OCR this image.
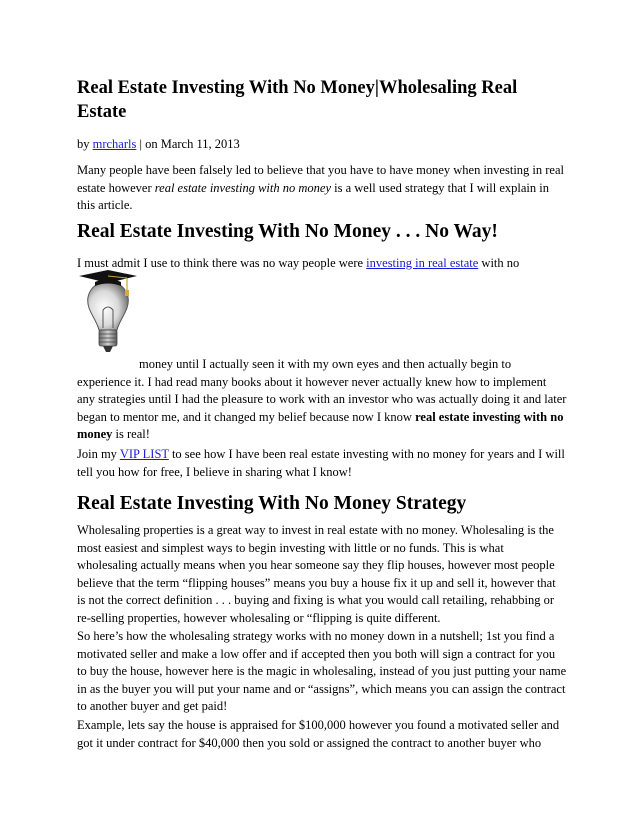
Real Estate Investing With No Money|Wholesaling Real Estate
by mrcharls | on March 11, 2013

Many people have been falsely led to believe that you have to have money when investing in real estate however real estate investing with no money is a well used strategy that I will explain in this article.

Real Estate Investing With No Money . . . No Way!

I must admit I use to think there was no way people were investing in real estate with no

money until I actually seen it with my own eyes and then actually begin to experience it. I had read many books about it however never actually knew how to implement any strategies until I had the pleasure to work with an investor who was actually doing it and later began to mentor me, and it changed my belief because now I know real estate investing with no money is real!

Join my VIP LIST to see how I have been real estate investing with no money for years and I will tell you how for free, I believe in sharing what I know!

Real Estate Investing With No Money Strategy

Wholesaling properties is a great way to invest in real estate with no money. Wholesaling is the most easiest and simplest ways to begin investing with little or no funds. This is what wholesaling actually means when you hear someone say they flip houses, however most people believe that the term “flipping houses” means you buy a house fix it up and sell it, however that is not the correct definition . . . buying and fixing is what you would call retailing, rehabbing or re-selling properties, however wholesaling or “flipping is quite different.

So here’s how the wholesaling strategy works with no money down in a nutshell; 1st you find a motivated seller and make a low offer and if accepted then you both will sign a contract for you to buy the house, however here is the magic in wholesaling, instead of you just putting your name in as the buyer you will put your name and or “assigns”, which means you can assign the contract to another buyer and get paid!

Example, lets say the house is appraised for $100,000 however you found a motivated seller and got it under contract for $40,000 then you sold or assigned the contract to another buyer who
